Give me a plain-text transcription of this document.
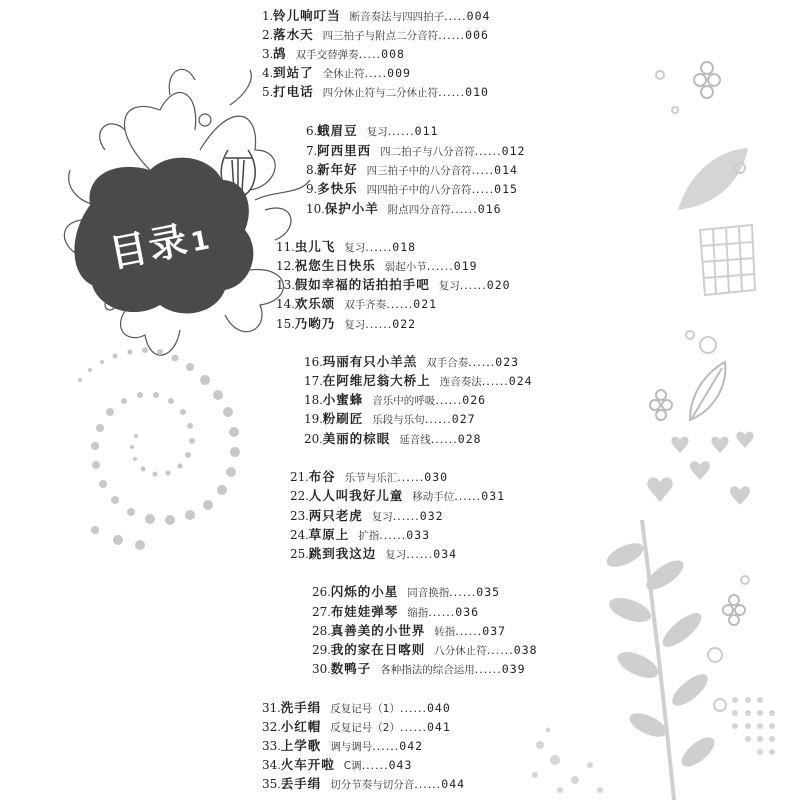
目录1
1.铃儿响叮当 断音奏法与四四拍子.....004
2.落水天 四三拍子与附点二分音符......006
3.鸪 双手交替弹奏.....008
4.到站了 全休止符.....009
5.打电话 四分休止符与二分休止符......010
6.蛾眉豆 复习......011
7.阿西里西 四二拍子与八分音符......012
8.新年好 四三拍子中的八分音符.....014
9.多快乐 四四拍子中的八分音符.....015
10.保护小羊 附点四分音符......016
11.虫儿飞 复习......018
12.祝您生日快乐 弱起小节......019
13.假如幸福的话拍拍手吧 复习......020
14.欢乐颂 双手齐奏......021
15.乃哟乃 复习......022
16.玛丽有只小羊羔 双手合奏......023
17.在阿维尼翁大桥上 连音奏法......024
18.小蜜蜂 音乐中的呼吸......026
19.粉刷匠 乐段与乐句......027
20.美丽的棕眼 延音线......028
21.布谷 乐节与乐汇......030
22.人人叫我好儿童 移动手位......031
23.两只老虎 复习......032
24.草原上 扩指......033
25.跳到我这边 复习......034
26.闪烁的小星 同音换指......035
27.布娃娃弹琴 缩指......036
28.真善美的小世界 转指......037
29.我的家在日喀则 八分休止符......038
30.数鸭子 各种指法的综合运用......039
31.洗手绢 反复记号（1）......040
32.小红帽 反复记号（2）......041
33.上学歌 调与调号......042
34.火车开啦 C调......043
35.丢手绢 切分节奏与切分音......044
